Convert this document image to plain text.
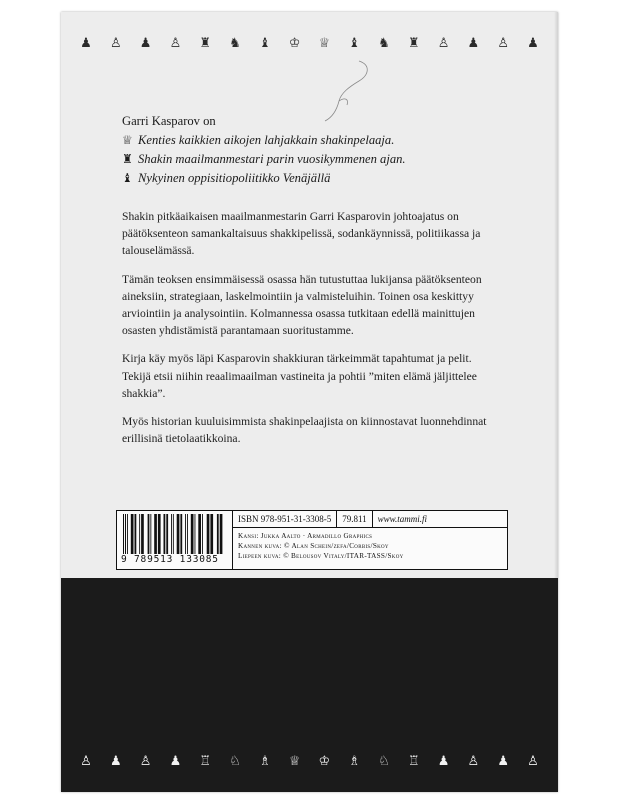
♟ ♙ ♟ ♙ ♜ ♞ ♝ ♔ ♕ ♝ ♞ ♜ ♙ ♟ ♙ ♟
Garri Kasparov on
♕ Kenties kaikkien aikojen lahjakkain shakinpelaaja.
♜ Shakin maailmanmestari parin vuosikymmenen ajan.
♝ Nykyinen oppisitiopoliitikko Venäjällä

Shakin pitkäaikaisen maailmanmestarin Garri Kasparovin johtoajatus on päätöksenteon samankaltaisuus shakkipelissä, sodankäynnissä, politiikassa ja talouselämässä.

Tämän teoksen ensimmäisessä osassa hän tutustuttaa lukijansa päätöksenteon aineksiin, strategiaan, laskelmointiin ja valmisteluihin. Toinen osa keskittyy arviointiin ja analysointiin. Kolmannessa osassa tutkitaan edellä mainittujen osasten yhdistämistä parantamaan suoritustamme.

Kirja käy myös läpi Kasparovin shakkiuran tärkeimmät tapahtumat ja pelit. Tekijä etsii niihin reaalimaailman vastineita ja pohtii ”miten elämä jäljittelee shakkia”.

Myös historian kuuluisimmista shakinpelaajista on kiinnostavat luonnehdinnat erillisinä tietolaatikkoina.

9 789513 133085
ISBN 978-951-31-3308-5	79.811	www.tammi.fi
Kansi: Jukka Aalto · Armadillo Graphics
Kannen kuva: © Alan Schein/zefa/Corbis/Skoy
Liepeen kuva: © Belousov Vitaly/ITAR-TASS/Skoy
♙ ♟ ♙ ♟ ♖ ♘ ♗ ♕ ♔ ♗ ♘ ♖ ♟ ♙ ♟ ♙
